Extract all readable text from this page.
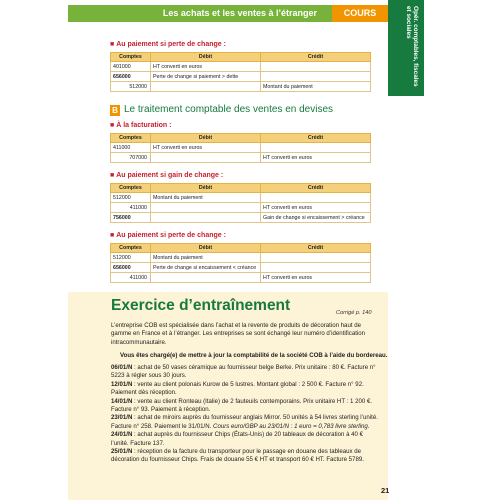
Les achats et les ventes à l’étranger	COURS	Opér. comptables, fiscales et sociales
■ Au paiement si perte de change :
Comptes	Débit	Crédit
401000	HT converti en euros	
656000	Perte de change si paiement > dette	
512000		Montant du paiement
B Le traitement comptable des ventes en devises
■ À la facturation :
Comptes	Débit	Crédit
411000	HT converti en euros	
707000		HT converti en euros
■ Au paiement si gain de change :
Comptes	Débit	Crédit
512000	Montant du paiement	
411000		HT converti en euros
756000		Gain de change si encaissement > créance
■ Au paiement si perte de change :
Comptes	Débit	Crédit
512000	Montant du paiement	
656000	Perte de change si encaissement < créance	
411000		HT converti en euros
Exercice d’entraînement	Corrigé p. 140
L’entreprise COB est spécialisée dans l’achat et la revente de produits de décoration haut de gamme en France et à l’étranger. Les entreprises se sont échangé leur numéro d’identification intracommunautaire.
Vous êtes chargé(e) de mettre à jour la comptabilité de la société COB à l’aide du bordereau.

06/01/N : achat de 50 vases céramique au fournisseur belge Berke. Prix unitaire : 80 €. Facture n° 5223 à régler sous 30 jours.

12/01/N : vente au client polonais Kurow de 5 lustres. Montant global : 2 500 €. Facture n° 92. Paiement dès réception.

14/01/N : vente au client Ronteau (Italie) de 2 fauteuils contemporains. Prix unitaire HT : 1 200 €. Facture n° 93. Paiement à réception.

23/01/N : achat de miroirs auprès du fournisseur anglais Mirror. 50 unités à 54 livres sterling l’unité. Facture n° 258. Paiement le 31/01/N. Cours euro/GBP au 23/01/N : 1 euro = 0,783 livre sterling.

24/01/N : achat auprès du fournisseur Chips (États-Unis) de 20 tableaux de décoration à 40 € l’unité. Facture 137.

25/01/N : réception de la facture du transporteur pour le passage en douane des tableaux de décoration du fournisseur Chips. Frais de douane 55 € HT et transport 60 € HT. Facture 5789.

21
